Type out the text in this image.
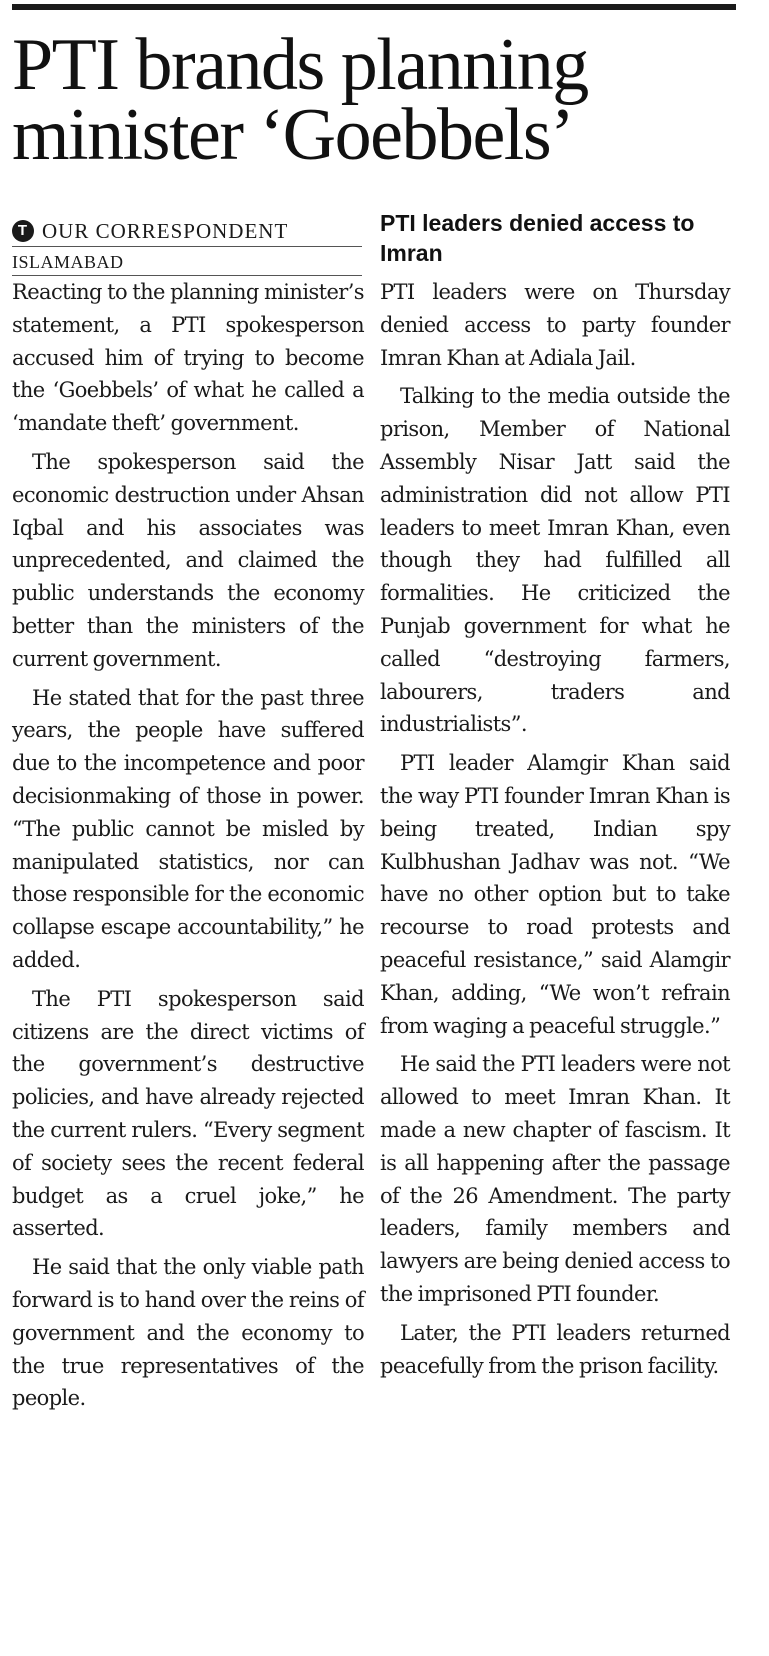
PTI brands planning
minister ‘Goebbels’
T OUR CORRESPONDENT
ISLAMABAD
PTI leaders denied access to Imran

Reacting to the planning minister’s statement, a PTI spokesperson accused him of trying to become the ‘Goebbels’ of what he called a ‘mandate theft’ government.

The spokesperson said the economic destruction under Ahsan Iqbal and his associates was unprecedented, and claimed the public understands the economy better than the ministers of the current government.

He stated that for the past three years, the people have suffered due to the incompetence and poor decisionmaking of those in power. “The public cannot be misled by manipulated statistics, nor can those responsible for the economic collapse escape accountability,” he added.

The PTI spokesperson said citizens are the direct victims of the government’s destructive policies, and have already rejected the current rulers. “Every segment of society sees the recent federal budget as a cruel joke,” he asserted.

He said that the only viable path forward is to hand over the reins of government and the economy to the true representatives of the people.

PTI leaders were on Thursday denied access to party founder Imran Khan at Adiala Jail.

Talking to the media outside the prison, Member of National Assembly Nisar Jatt said the administration did not allow PTI leaders to meet Imran Khan, even though they had fulfilled all formalities. He criticized the Punjab government for what he called “destroying farmers, labourers, traders and industrialists”.

PTI leader Alamgir Khan said the way PTI founder Imran Khan is being treated, Indian spy Kulbhushan Jadhav was not. “We have no other option but to take recourse to road protests and peaceful resistance,” said Alamgir Khan, adding, “We won’t refrain from waging a peaceful struggle.”

He said the PTI leaders were not allowed to meet Imran Khan. It made a new chapter of fascism. It is all happening after the passage of the 26 Amendment. The party leaders, family members and lawyers are being denied access to the imprisoned PTI founder.

Later, the PTI leaders returned peacefully from the prison facility.
